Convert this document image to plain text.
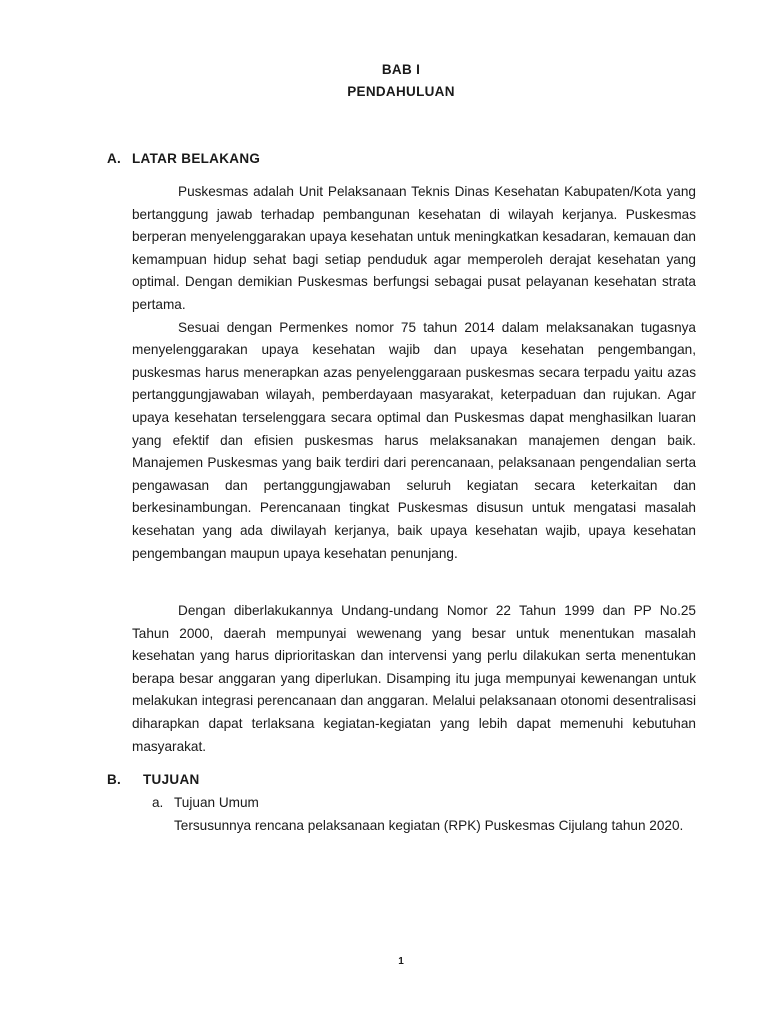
BAB I
PENDAHULUAN
A. LATAR BELAKANG

Puskesmas adalah Unit Pelaksanaan Teknis Dinas Kesehatan Kabupaten/Kota yang bertanggung jawab terhadap pembangunan kesehatan di wilayah kerjanya. Puskesmas berperan menyelenggarakan upaya kesehatan untuk meningkatkan kesadaran, kemauan dan kemampuan hidup sehat bagi setiap penduduk agar memperoleh derajat kesehatan yang optimal. Dengan demikian Puskesmas berfungsi sebagai pusat pelayanan kesehatan strata pertama.

Sesuai dengan Permenkes nomor 75 tahun 2014 dalam melaksanakan tugasnya menyelenggarakan upaya kesehatan wajib dan upaya kesehatan pengembangan, puskesmas harus menerapkan azas penyelenggaraan puskesmas secara terpadu yaitu azas pertanggungjawaban wilayah, pemberdayaan masyarakat, keterpaduan dan rujukan. Agar upaya kesehatan terselenggara secara optimal dan Puskesmas dapat menghasilkan luaran yang efektif dan efisien puskesmas harus melaksanakan manajemen dengan baik. Manajemen Puskesmas yang baik terdiri dari perencanaan, pelaksanaan pengendalian serta pengawasan dan pertanggungjawaban seluruh kegiatan secara keterkaitan dan berkesinambungan. Perencanaan tingkat Puskesmas disusun untuk mengatasi masalah kesehatan yang ada diwilayah kerjanya, baik upaya kesehatan wajib, upaya kesehatan pengembangan maupun upaya kesehatan penunjang.

Dengan diberlakukannya Undang-undang Nomor 22 Tahun 1999 dan PP No.25 Tahun 2000, daerah mempunyai wewenang yang besar untuk menentukan masalah kesehatan yang harus diprioritaskan dan intervensi yang perlu dilakukan serta menentukan berapa besar anggaran yang diperlukan. Disamping itu juga mempunyai kewenangan untuk melakukan integrasi perencanaan dan anggaran. Melalui pelaksanaan otonomi desentralisasi diharapkan dapat terlaksana kegiatan-kegiatan yang lebih dapat memenuhi kebutuhan masyarakat.

B. TUJUAN
a. Tujuan Umum

Tersusunnya rencana pelaksanaan kegiatan (RPK) Puskesmas Cijulang tahun 2020.

1
